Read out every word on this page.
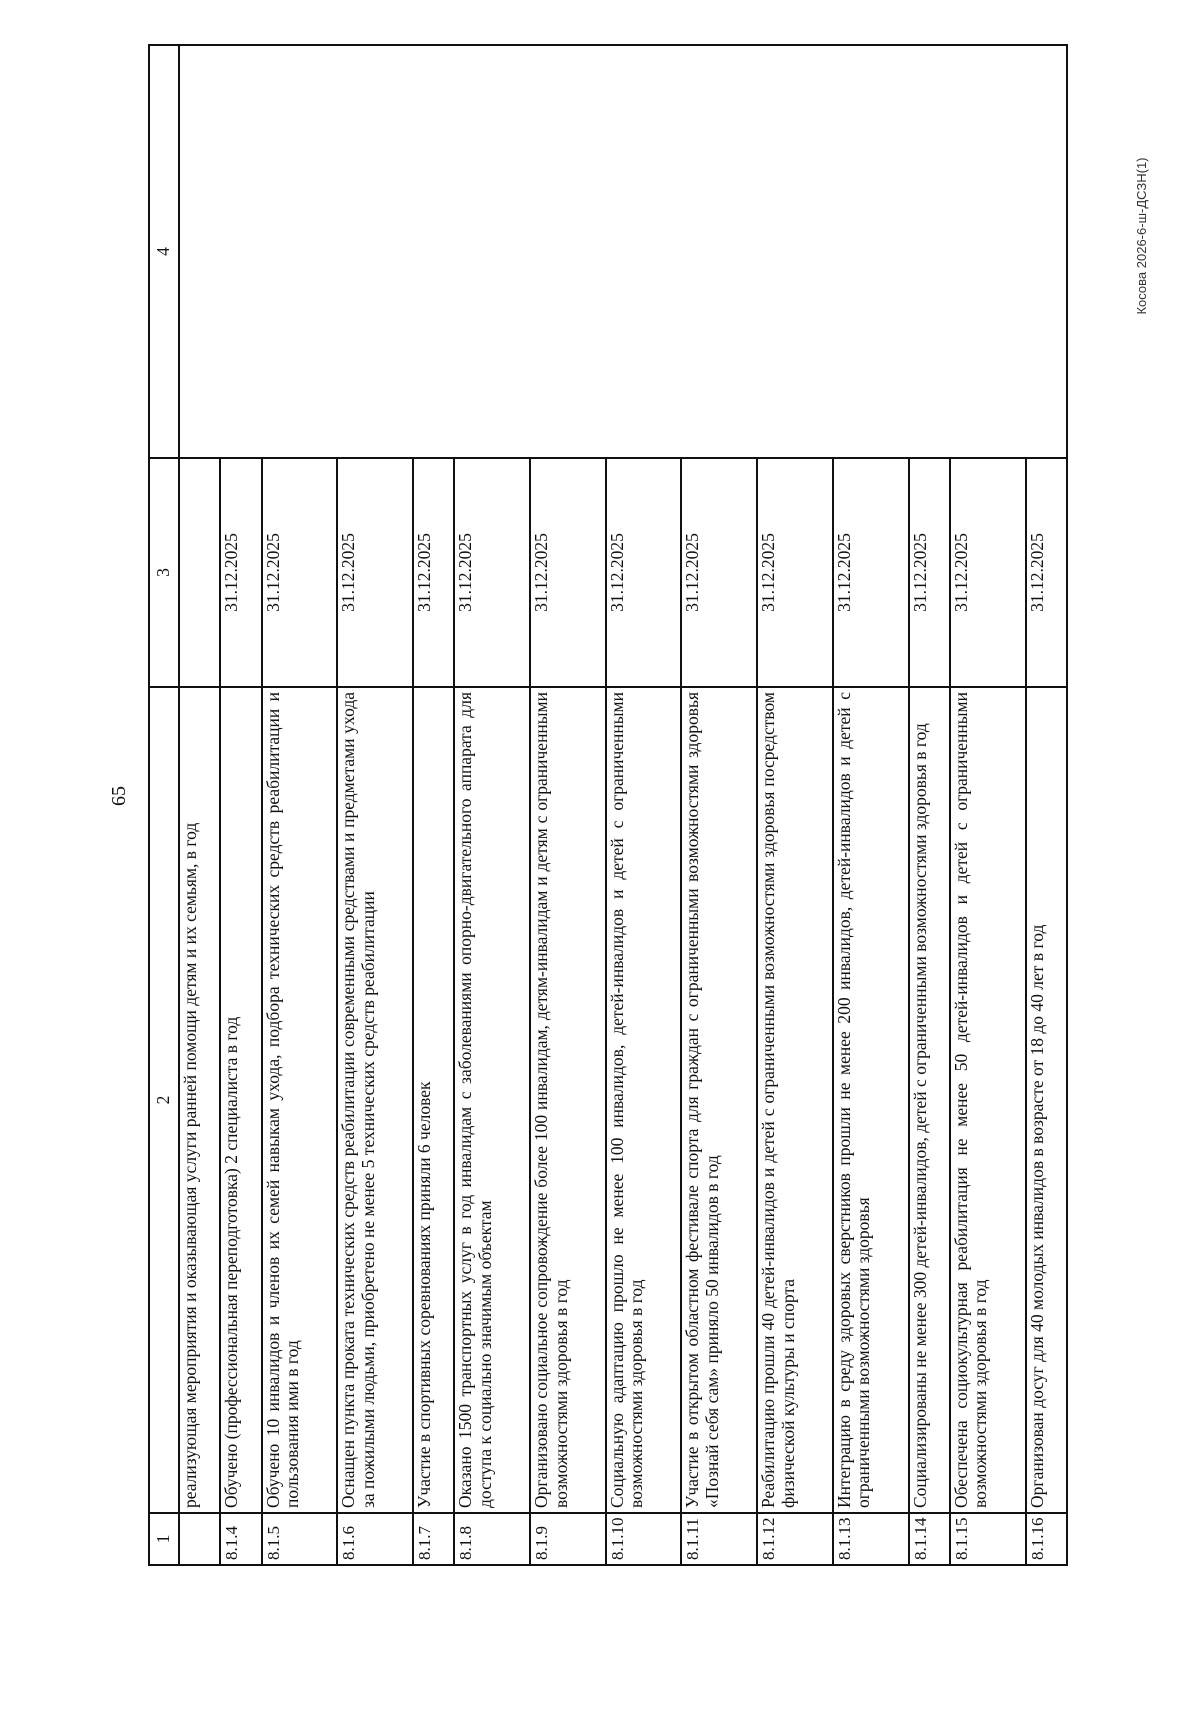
65
1	2	3	4
	реализующая мероприятия и оказывающая услуги ранней помощи детям и их семьям, в год		
8.1.4	Обучено (профессиональная переподготовка) 2 специалиста в год	31.12.2025	
8.1.5	Обучено 10 инвалидов и членов их семей навыкам ухода, подбора технических средств реабилитации и пользования ими в год	31.12.2025	
8.1.6	Оснащен пункта проката технических средств реабилитации современными средствами и предметами ухода за пожилыми людьми, приобретено не менее 5 технических средств реабилитации	31.12.2025	
8.1.7	Участие в спортивных соревнованиях приняли 6 человек	31.12.2025	
8.1.8	Оказано 1500 транспортных услуг в год инвалидам с заболеваниями опорно-двигательного аппарата для доступа к социально значимым объектам	31.12.2025	
8.1.9	Организовано социальное сопровождение более 100 инвалидам, детям-инвалидам и детям с ограниченными возможностями здоровья в год	31.12.2025	
8.1.10	Социальную адаптацию прошло не менее 100 инвалидов, детей-инвалидов и детей с ограниченными возможностями здоровья в год	31.12.2025	
8.1.11	Участие в открытом областном фестивале спорта для граждан с ограниченными возможностями здоровья «Познай себя сам» приняло 50 инвалидов в год	31.12.2025	
8.1.12	Реабилитацию прошли 40 детей-инвалидов и детей с ограниченными возможностями здоровья посредством физической культуры и спорта	31.12.2025	
8.1.13	Интеграцию в среду здоровых сверстников прошли не менее 200 инвалидов, детей-инвалидов и детей с ограниченными возможностями здоровья	31.12.2025	
8.1.14	Социализированы не менее 300 детей-инвалидов, детей с ограниченными возможностями здоровья в год	31.12.2025	
8.1.15	Обеспечена социокультурная реабилитация не менее 50 детей-инвалидов и детей с ограниченными возможностями здоровья в год	31.12.2025	
8.1.16	Организован досуг для 40 молодых инвалидов в возрасте от 18 до 40 лет в год	31.12.2025	
Косова 2026-6-ш-ДСЗН(1)
